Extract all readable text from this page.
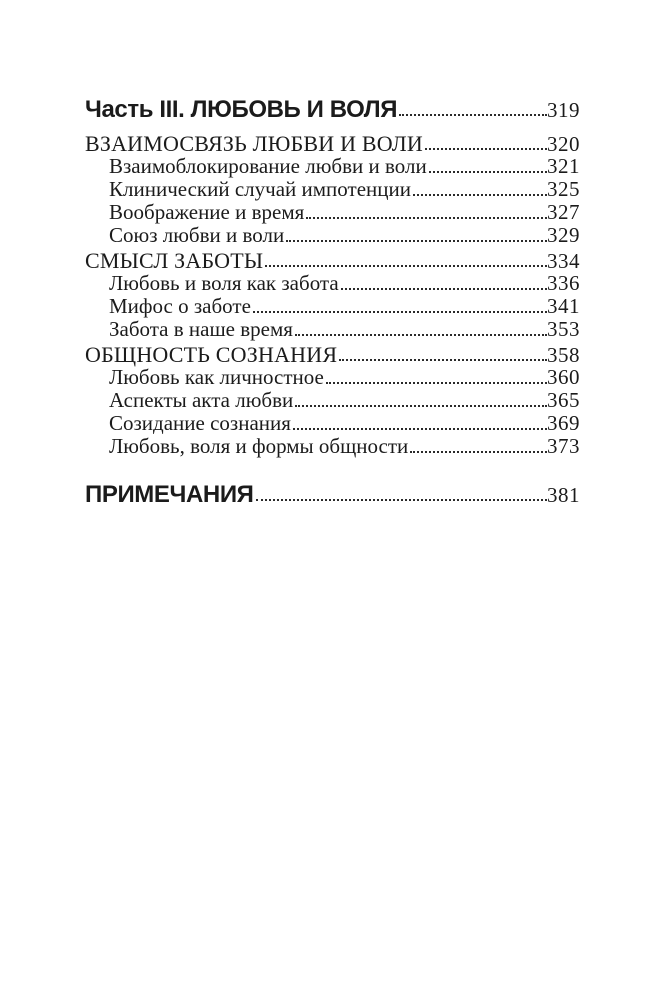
Часть III. ЛЮБОВЬ И ВОЛЯ	319
ВЗАИМОСВЯЗЬ ЛЮБВИ И ВОЛИ	320
Взаимоблокирование любви и воли	321
Клинический случай импотенции	325
Воображение и время	327
Союз любви и воли	329
СМЫСЛ ЗАБОТЫ	334
Любовь и воля как забота	336
Мифос о заботе	341
Забота в наше время	353
ОБЩНОСТЬ СОЗНАНИЯ	358
Любовь как личностное	360
Аспекты акта любви	365
Созидание сознания	369
Любовь, воля и формы общности	373
ПРИМЕЧАНИЯ	381
